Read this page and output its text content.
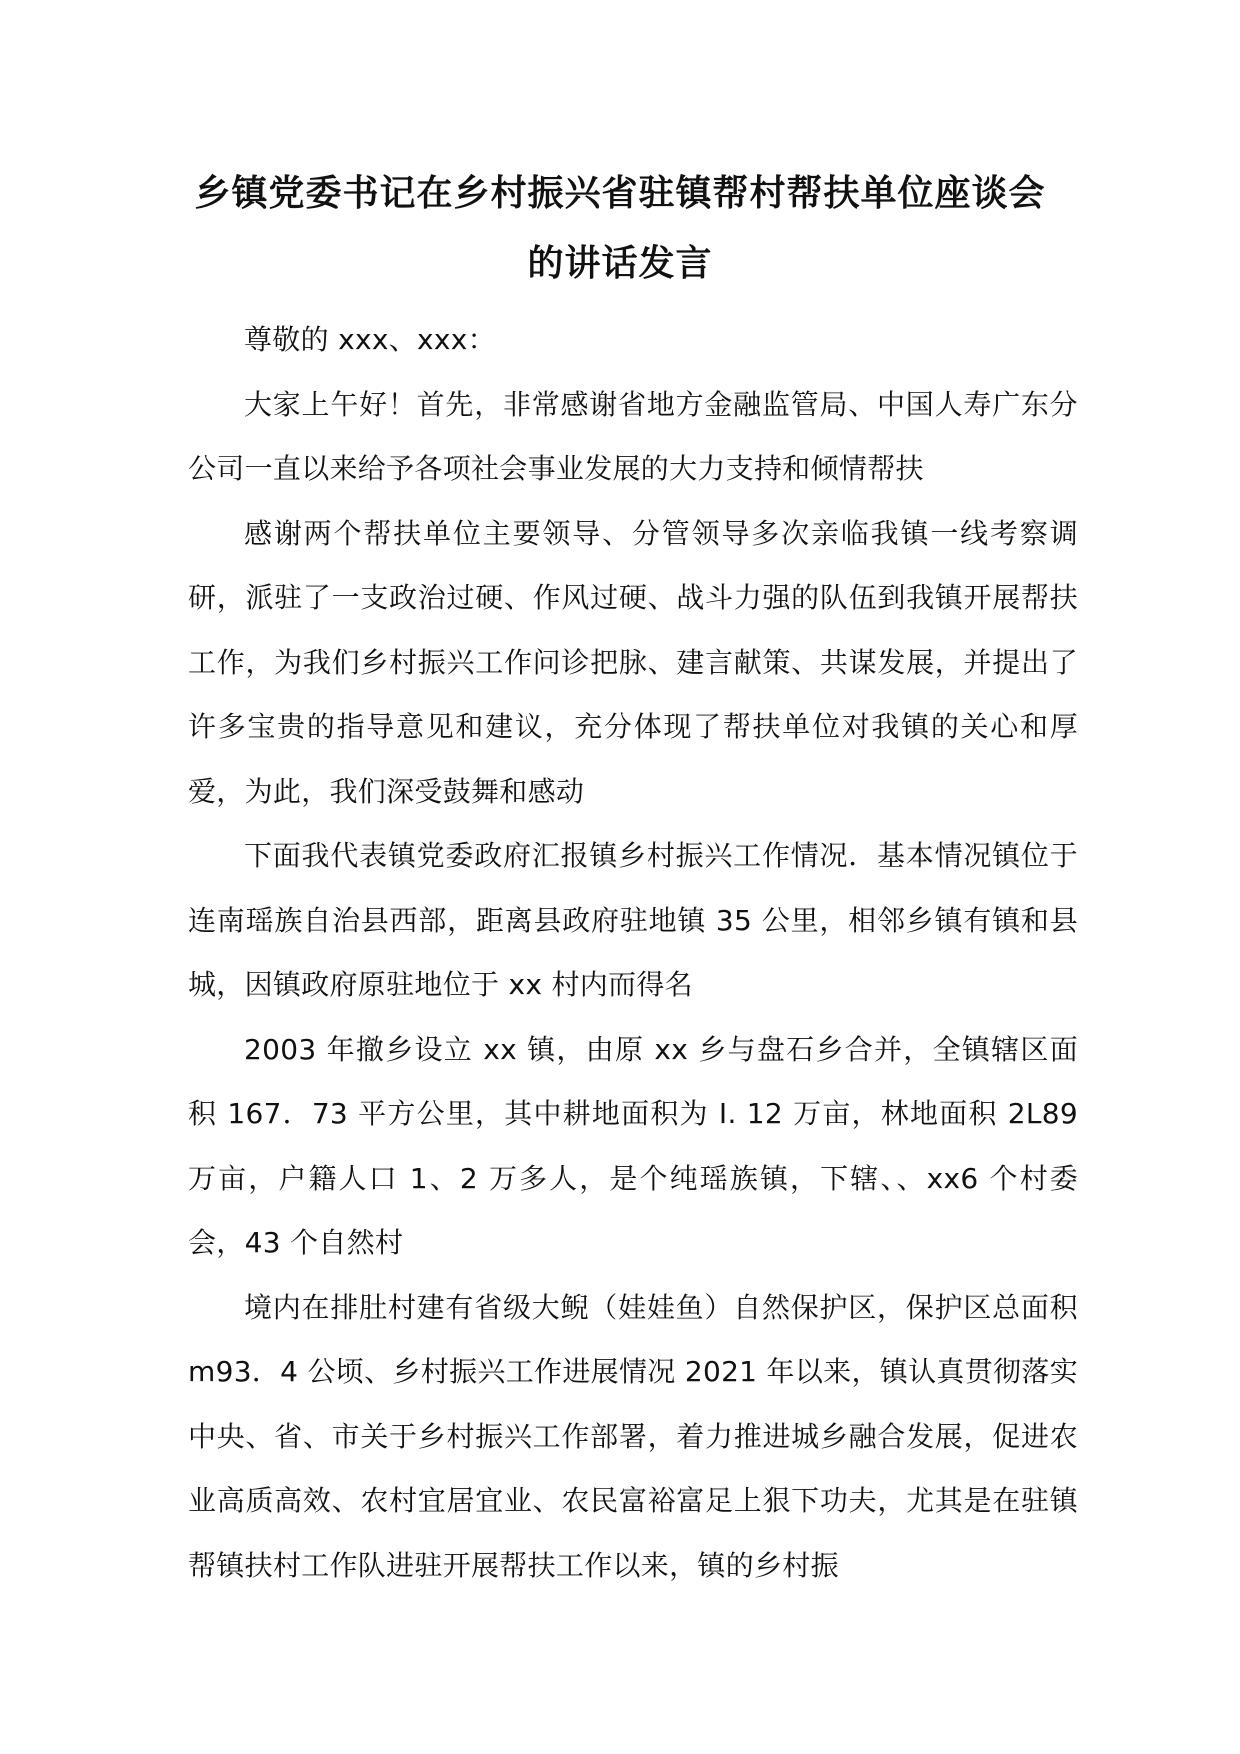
乡镇党委书记在乡村振兴省驻镇帮村帮扶单位座谈会
的讲话发言

尊敬的 xxx、xxx：

大家上午好！首先，非常感谢省地方金融监管局、中国人寿广东分公司一直以来给予各项社会事业发展的大力支持和倾情帮扶

感谢两个帮扶单位主要领导、分管领导多次亲临我镇一线考察调研，派驻了一支政治过硬、作风过硬、战斗力强的队伍到我镇开展帮扶工作，为我们乡村振兴工作问诊把脉、建言献策、共谋发展，并提出了许多宝贵的指导意见和建议，充分体现了帮扶单位对我镇的关心和厚爱，为此，我们深受鼓舞和感动

下面我代表镇党委政府汇报镇乡村振兴工作情况．基本情况镇位于连南瑶族自治县西部，距离县政府驻地镇 35 公里，相邻乡镇有镇和县城，因镇政府原驻地位于 xx 村内而得名

2003 年撤乡设立 xx 镇，由原 xx 乡与盘石乡合并，全镇辖区面积 167．73 平方公里，其中耕地面积为 I. 12 万亩，林地面积 2L89 万亩，户籍人口 1、2 万多人，是个纯瑶族镇，下辖、、xx6 个村委会，43 个自然村

境内在排肚村建有省级大鲵（娃娃鱼）自然保护区，保护区总面积 m93．4 公顷、乡村振兴工作进展情况 2021 年以来，镇认真贯彻落实中央、省、市关于乡村振兴工作部署，着力推进城乡融合发展，促进农业高质高效、农村宜居宜业、农民富裕富足上狠下功夫，尤其是在驻镇帮镇扶村工作队进驻开展帮扶工作以来，镇的乡村振
